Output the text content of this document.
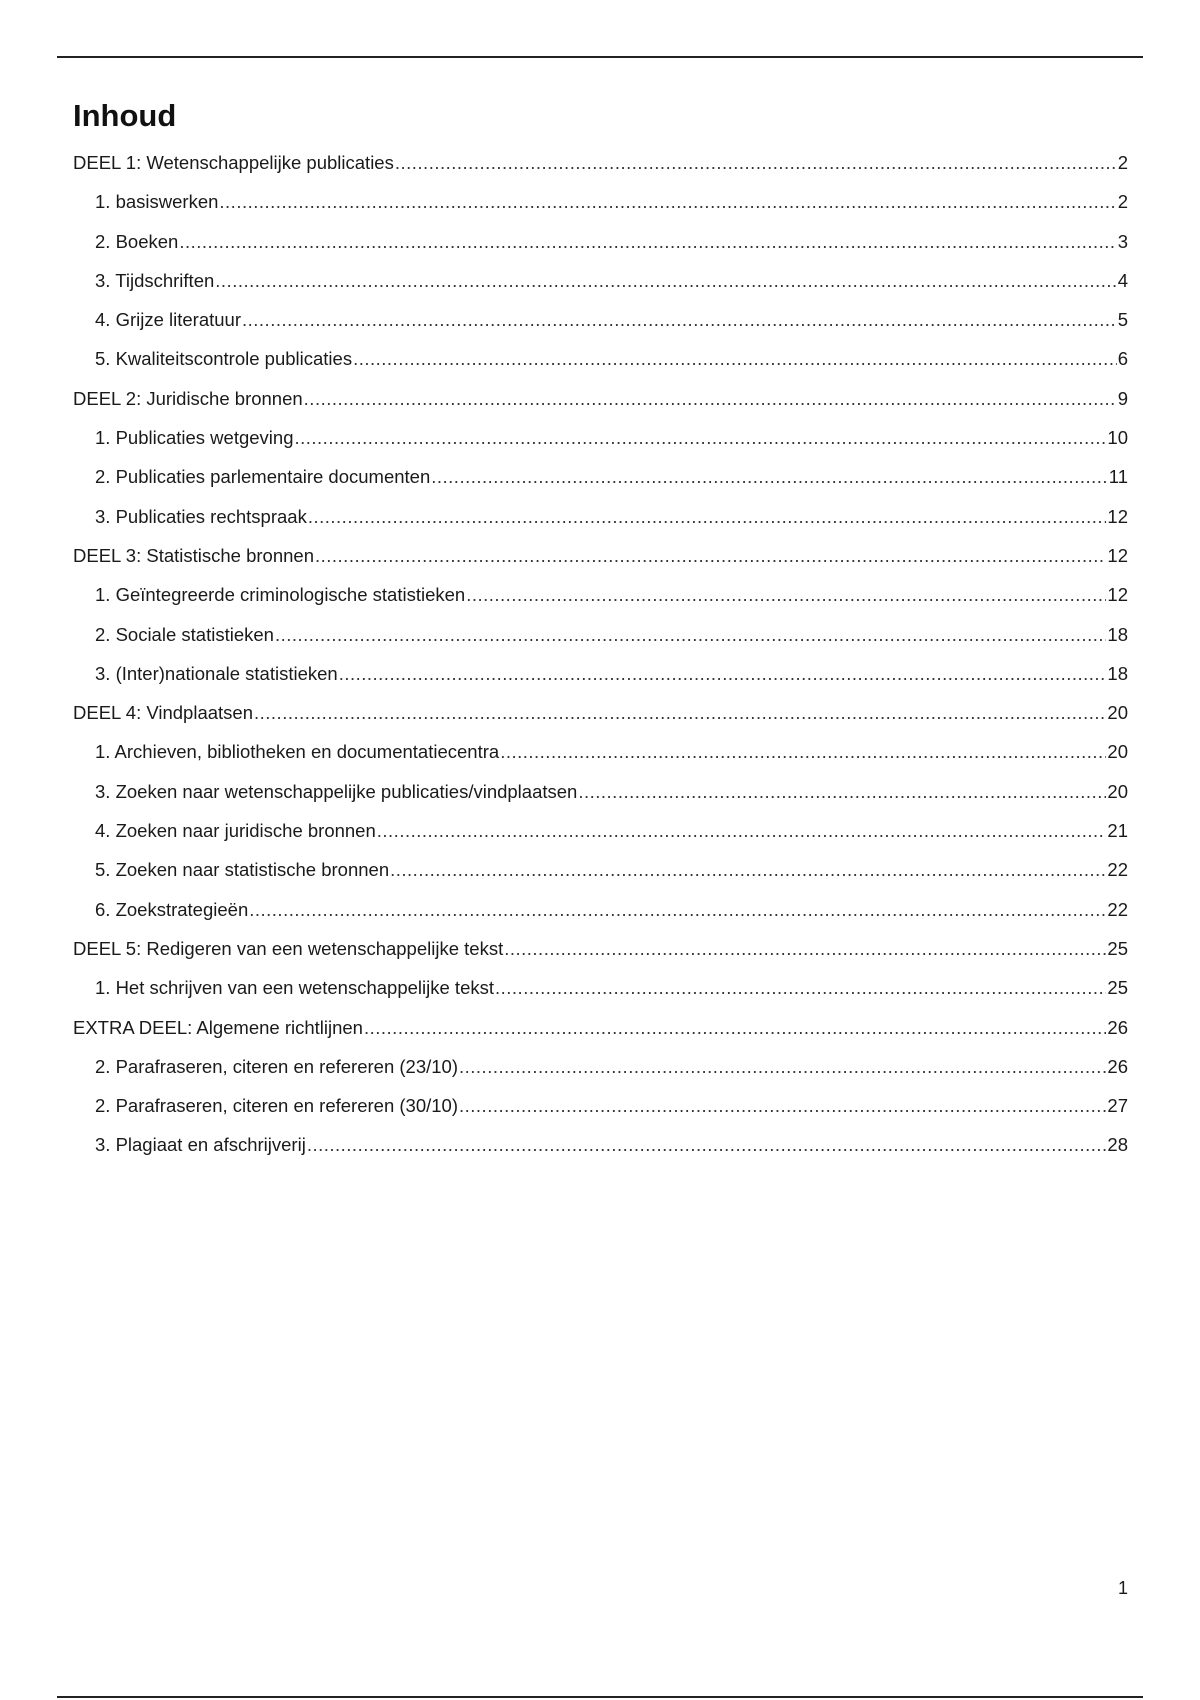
Inhoud
DEEL 1: Wetenschappelijke publicaties .....	2
1. basiswerken .....	2
2. Boeken .....	3
3. Tijdschriften .....	4
4. Grijze literatuur .....	5
5. Kwaliteitscontrole publicaties .....	6
DEEL 2: Juridische bronnen .....	9
1. Publicaties wetgeving .....	10
2. Publicaties parlementaire documenten .....	11
3. Publicaties rechtspraak .....	12
DEEL 3: Statistische bronnen .....	12
1. Geïntegreerde criminologische statistieken .....	12
2. Sociale statistieken .....	18
3. (Inter)nationale statistieken .....	18
DEEL 4: Vindplaatsen .....	20
1. Archieven, bibliotheken en documentatiecentra .....	20
3. Zoeken naar wetenschappelijke publicaties/vindplaatsen .....	20
4. Zoeken naar juridische bronnen .....	21
5. Zoeken naar statistische bronnen .....	22
6. Zoekstrategieën .....	22
DEEL 5: Redigeren van een wetenschappelijke tekst .....	25
1. Het schrijven van een wetenschappelijke tekst .....	25
EXTRA DEEL: Algemene richtlijnen .....	26
2. Parafraseren, citeren en refereren (23/10) .....	26
2. Parafraseren, citeren en refereren (30/10) .....	27
3. Plagiaat en afschrijverij .....	28
1
